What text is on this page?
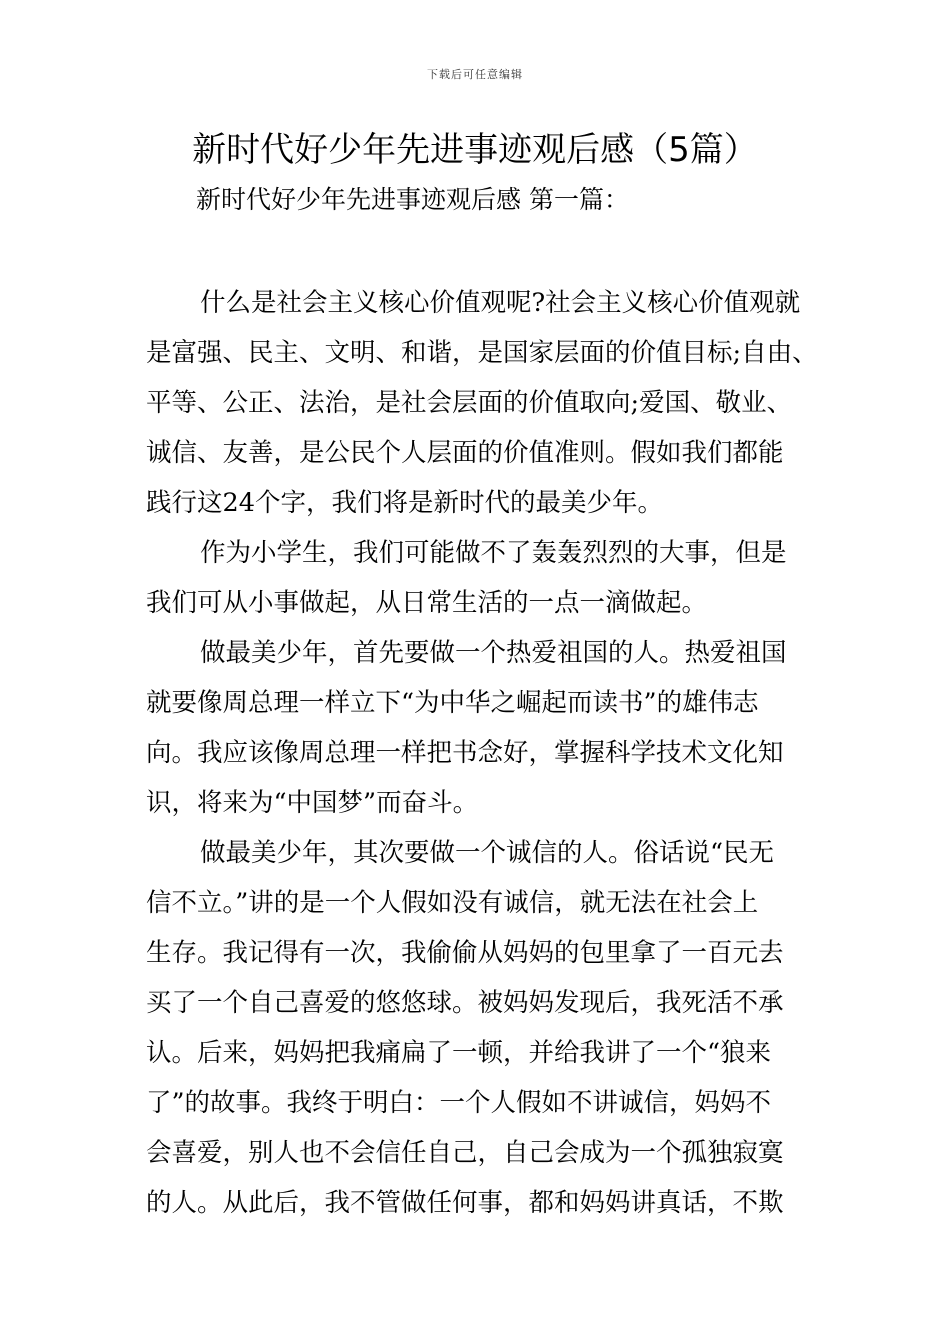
下载后可任意编辑
新时代好少年先进事迹观后感（5篇）
新时代好少年先进事迹观后感 第一篇：
什么是社会主义核心价值观呢?社会主义核心价值观就
是富强、民主、文明、和谐，是国家层面的价值目标;自由、
平等、公正、法治，是社会层面的价值取向;爱国、敬业、
诚信、友善，是公民个人层面的价值准则。假如我们都能
践行这24个字，我们将是新时代的最美少年。
作为小学生，我们可能做不了轰轰烈烈的大事，但是
我们可从小事做起，从日常生活的一点一滴做起。
做最美少年，首先要做一个热爱祖国的人。热爱祖国
就要像周总理一样立下“为中华之崛起而读书”的雄伟志
向。我应该像周总理一样把书念好，掌握科学技术文化知
识，将来为“中国梦”而奋斗。
做最美少年，其次要做一个诚信的人。俗话说“民无
信不立。”讲的是一个人假如没有诚信，就无法在社会上
生存。我记得有一次，我偷偷从妈妈的包里拿了一百元去
买了一个自己喜爱的悠悠球。被妈妈发现后，我死活不承
认。后来，妈妈把我痛扁了一顿，并给我讲了一个“狼来
了”的故事。我终于明白：一个人假如不讲诚信，妈妈不
会喜爱，别人也不会信任自己，自己会成为一个孤独寂寞
的人。从此后，我不管做任何事，都和妈妈讲真话，不欺
